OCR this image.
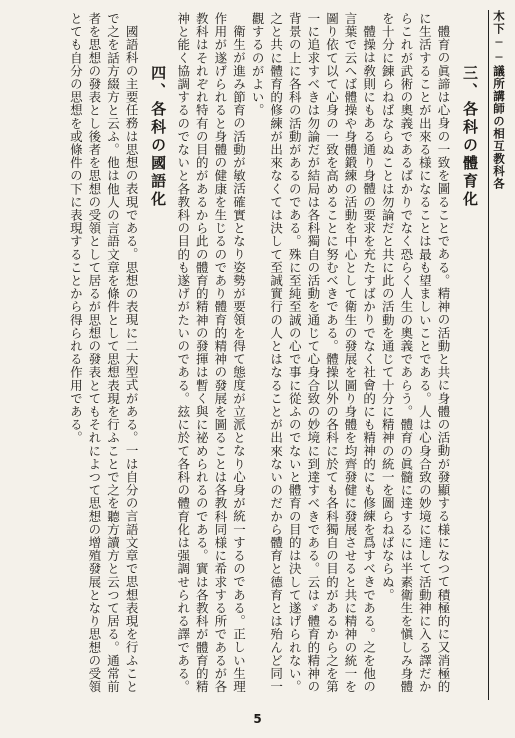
木下──議所講師の相互教科各
三、各科の體育化

體育の眞諦は心身の一致を圖ることである。精神の活動と共に身體の活動が發顯する様になつて積極的に又消極的に生活することが出來る様になることは最も望ましいことである。人は心身合致の妙境に達して活動神に入る譯だからこれが武術の奧義であるばかりでなく恐らく人生の奧義であらう。體育の眞髓に達するには半素衛生を愼しみ身體を十分に錬らねばならぬことは勿論だと共に此の活動を通じて十分に精神の統一を圖らねばならぬ。

體操は敎則にもある通り身體の要求を充たすばかりでなく社會的にも精神的にも修練を爲すべきである。之を他の言葉で云へば體操や身體鍛練の活動を中心として衛生の發展を圖り身體を均齊發健に發展させると共に精神の統一を圖り依て以て心身の一致を高めることに努むべきである。體操以外の各科に於ても各科獨自の目的があるから之を第一に追求すべきは勿論だが結局は各科獨自の活動を通じて心身合致の妙境に到達すべきである。云はゞ體育的精神の背景の上に各科の活動があるのである。殊に至純至誠の心で事に從ふのでないと體育の目的は決して遂げられない。之と共に體育的修練が出來なくては決して至誠實行の人とはなることが出來ないのだから體育と德育とは殆んど同一觀するのがよい。

衛生が進み節育の活動が敏活確實となり姿勢が要領を得て態度が立派となり心身が統一するのである。正しい生理作用が遂げられると身體の健康を生じるのであり體育的精神の發展を圖ることは各教科同様に希求する所であるが各教科はそれぞれ特有の目的があるから此の體育的精神の發揮は暫く與に祕められるのである。實は各教科が體育的精神と能く協調するのでないと各教科の目的も遂げがたいのである。玆に於て各科の體育化は强調せられる譯である。

四、各科の國語化

國語科の主要任務は思想の表現である。思想の表現に二大型式がある。一は自分の言語文章で思想表現を行ふことで之を話方綴方と云ふ。他は他人の言語文章を條件として思想表現を行ふことで之を聽方讀方と云つて居る。通常前者を思想の發表とし後者を思想の受領として居るが思想の發表とてもそれによつて思想の增殖發展となり思想の受領とても自分の思想を或條件の下に表現することから得られる作用である。

5
